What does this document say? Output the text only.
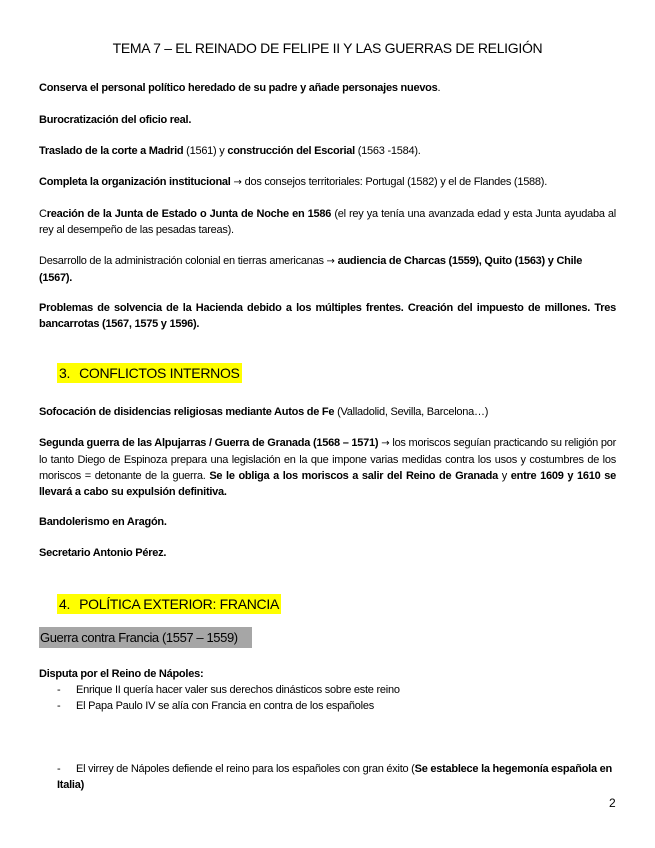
TEMA 7 – EL REINADO DE FELIPE II Y LAS GUERRAS DE RELIGIÓN
Conserva el personal político heredado de su padre y añade personajes nuevos.
Burocratización del oficio real.
Traslado de la corte a Madrid (1561) y construcción del Escorial (1563 -1584).
Completa la organización institucional → dos consejos territoriales: Portugal (1582) y el de Flandes (1588).
Creación de la Junta de Estado o Junta de Noche en 1586 (el rey ya tenía una avanzada edad y esta Junta ayudaba al rey al desempeño de las pesadas tareas).
Desarrollo de la administración colonial en tierras americanas → audiencia de Charcas (1559), Quito (1563) y Chile (1567).
Problemas de solvencia de la Hacienda debido a los múltiples frentes. Creación del impuesto de millones. Tres bancarrotas (1567, 1575 y 1596).
3. CONFLICTOS INTERNOS
Sofocación de disidencias religiosas mediante Autos de Fe (Valladolid, Sevilla, Barcelona…)
Segunda guerra de las Alpujarras / Guerra de Granada (1568 – 1571) → los moriscos seguían practicando su religión por lo tanto Diego de Espinoza prepara una legislación en la que impone varias medidas contra los usos y costumbres de los moriscos = detonante de la guerra. Se le obliga a los moriscos a salir del Reino de Granada y entre 1609 y 1610 se llevará a cabo su expulsión definitiva.
Bandolerismo en Aragón.
Secretario Antonio Pérez.
4. POLÍTICA EXTERIOR: FRANCIA
Guerra contra Francia (1557 – 1559)
Disputa por el Reino de Nápoles:
- Enrique II quería hacer valer sus derechos dinásticos sobre este reino
- El Papa Paulo IV se alía con Francia en contra de los españoles
- El virrey de Nápoles defiende el reino para los españoles con gran éxito (Se establece la hegemonía española en Italia)
2
